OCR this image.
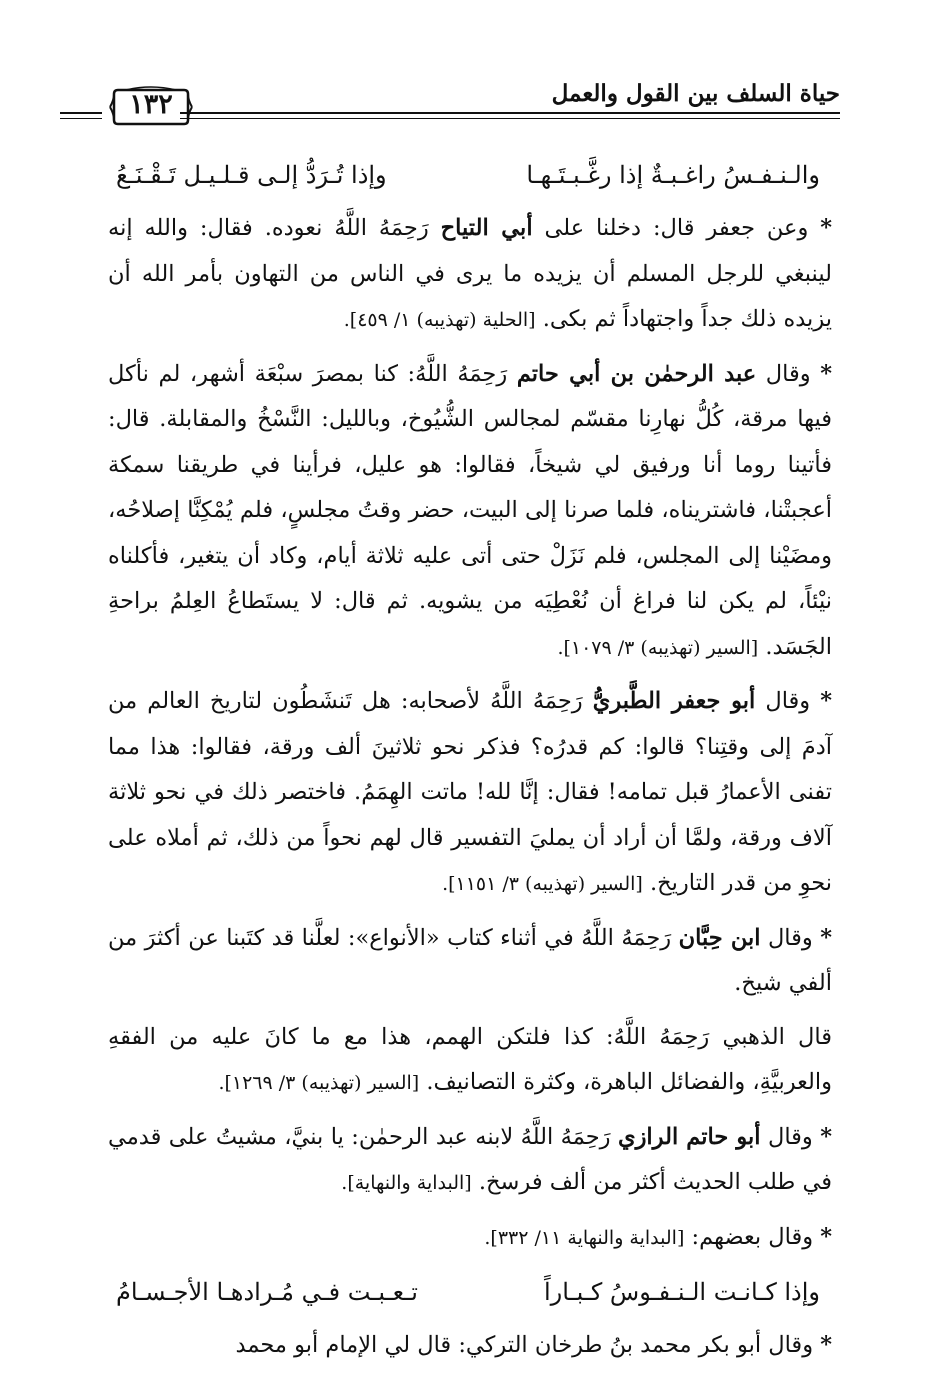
حياة السلف بين القول والعمل
١٣٢
والـنـفـسُ راغـبـةٌ إذا رغَّـبـتَـهـا
وإذا تُـرَدُّ إلـى قـلـيـل تَـقْـنَـعُ

* وعن جعفر قال: دخلنا على أبي التياح رَحِمَهُ اللَّهُ نعوده. فقال: والله إنه لينبغي للرجل المسلم أن يزيده ما يرى في الناس من التهاون بأمر الله أن يزيده ذلك جداً واجتهاداً ثم بكى. [الحلية (تهذيبه) ١/ ٤٥٩].

* وقال عبد الرحمٰن بن أبي حاتم رَحِمَهُ اللَّهُ: كنا بمصرَ سبْعَة أشهر، لم نأكل فيها مرقة، كُلُّ نهارِنا مقسّم لمجالس الشُّيُوخ، وبالليل: النَّسْخُ والمقابلة. قال: فأتينا روما أنا ورفيق لي شيخاً، فقالوا: هو عليل، فرأينا في طريقنا سمكة أعجبتْنا، فاشتريناه، فلما صرنا إلى البيت، حضر وقتُ مجلسٍ، فلم يُمْكِنَّا إصلاحُه، ومضَيْنا إلى المجلس، فلم نَزَلْ حتى أتى عليه ثلاثة أيام، وكاد أن يتغير، فأكلناه نيْئاً، لم يكن لنا فراغ أن نُعْطِيَه من يشويه. ثم قال: لا يستَطاعُ العِلمُ براحةِ الجَسَد. [السير (تهذيبه) ٣/ ١٠٧٩].

* وقال أبو جعفر الطَّبريُّ رَحِمَهُ اللَّهُ لأصحابه: هل تَنشَطُون لتاريخ العالم من آدمَ إلى وقتِنا؟ قالوا: كم قدرُه؟ فذكر نحو ثلاثينَ ألف ورقة، فقالوا: هذا مما تفنى الأعمارُ قبل تمامه! فقال: إنَّا لله! ماتت الهِمَمُ. فاختصر ذلك في نحو ثلاثة آلاف ورقة، ولمَّا أن أراد أن يمليَ التفسير قال لهم نحواً من ذلك، ثم أملاه على نحوِ من قدر التاريخ. [السير (تهذيبه) ٣/ ١١٥١].

* وقال ابن حِبَّان رَحِمَهُ اللَّهُ في أثناء كتاب «الأنواع»: لعلَّنا قد كتَبنا عن أكثرَ من ألفي شيخ.

قال الذهبي رَحِمَهُ اللَّهُ: كذا فلتكن الهمم، هذا مع ما كانَ عليه من الفقهِ والعربيَّةِ، والفضائل الباهرة، وكثرة التصانيف. [السير (تهذيبه) ٣/ ١٢٦٩].

* وقال أبو حاتم الرازي رَحِمَهُ اللَّهُ لابنه عبد الرحمٰن: يا بنيَّ، مشيتُ على قدمي في طلب الحديث أكثر من ألف فرسخ. [البداية والنهاية].

* وقال بعضهم: [البداية والنهاية ١١/ ٣٣٢].

وإذا كـانـت الـنـفـوسُ كـبـاراً
تـعـبـت فـي مُـرادهـا الأجـسـامُ

* وقال أبو بكر محمد بنُ طرخان التركي: قال لي الإمام أبو محمد
